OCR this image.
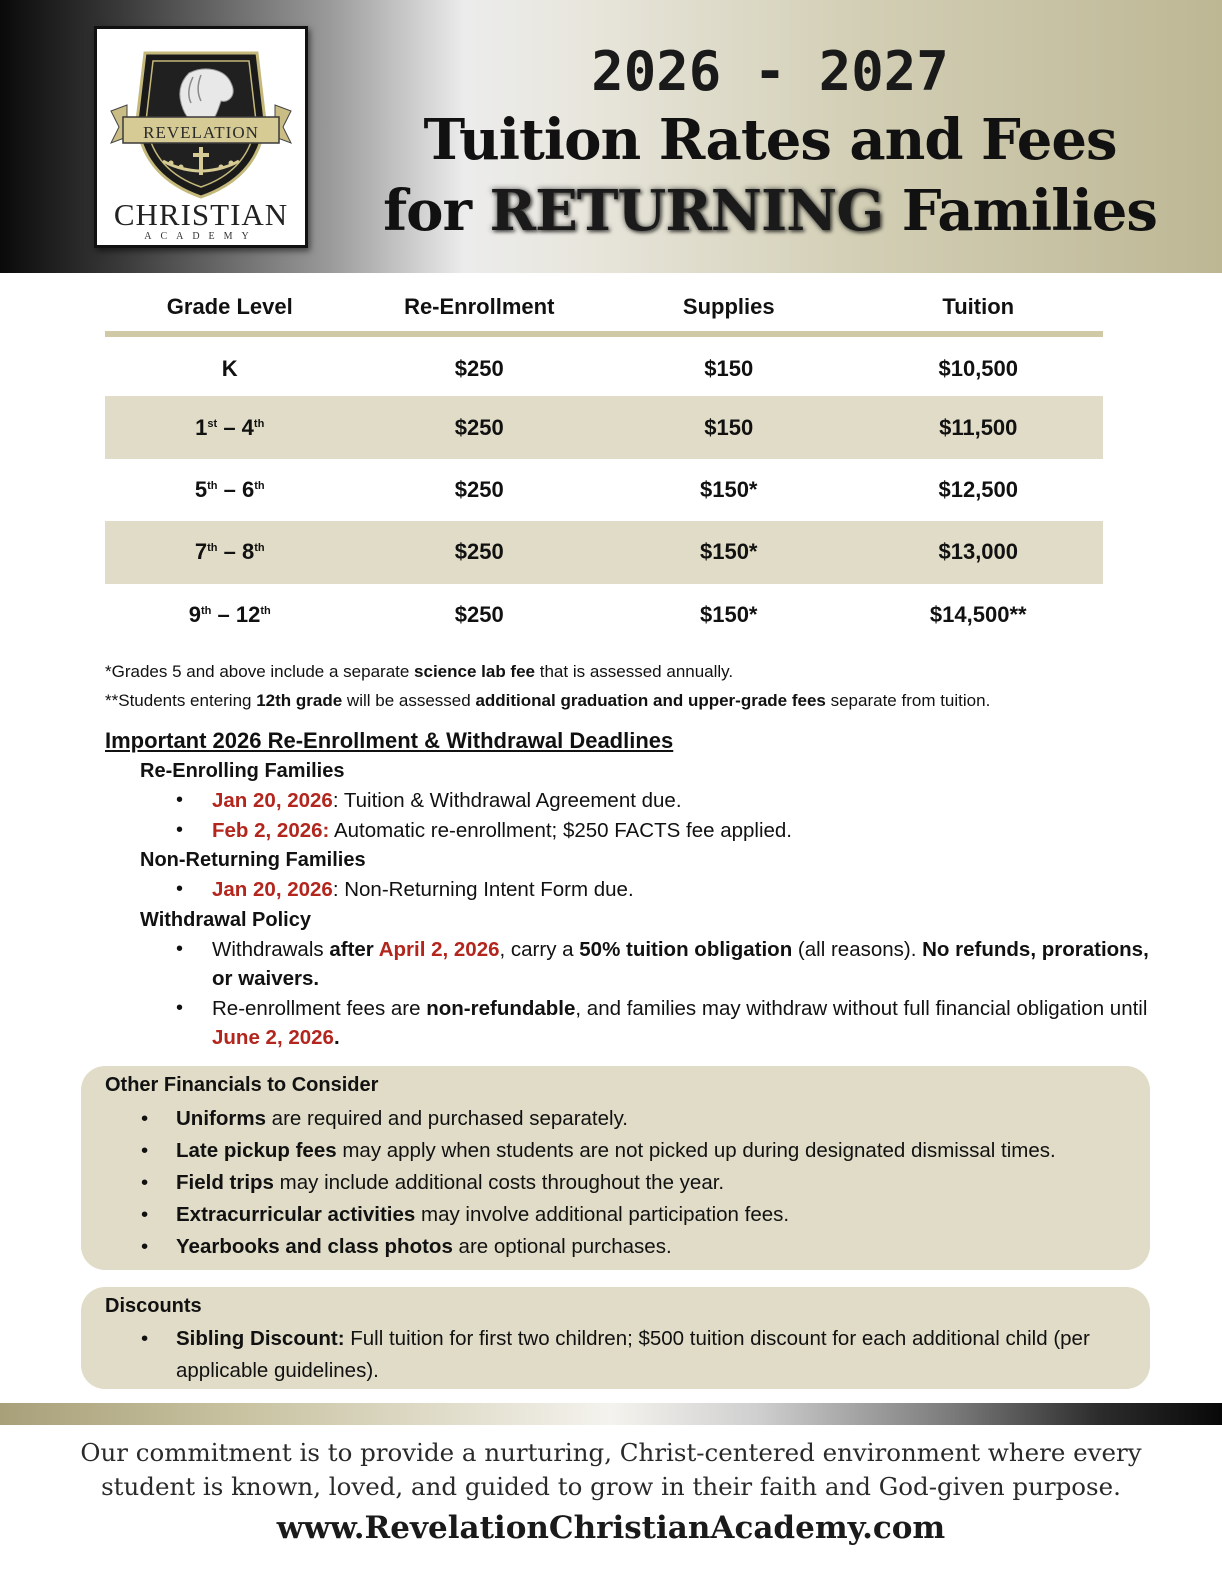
REVELATION
CHRISTIAN
ACADEMY
2026 - 2027
Tuition Rates and Fees
for RETURNING Families
Grade Level	Re-Enrollment	Supplies	Tuition
K	$250	$150	$10,500
1st – 4th	$250	$150	$11,500
5th – 6th	$250	$150*	$12,500
7th – 8th	$250	$150*	$13,000
9th – 12th	$250	$150*	$14,500**
*Grades 5 and above include a separate science lab fee that is assessed annually.
**Students entering 12th grade will be assessed additional graduation and upper-grade fees separate from tuition.
Important 2026 Re-Enrollment & Withdrawal Deadlines
Re-Enrolling Families
• Jan 20, 2026: Tuition & Withdrawal Agreement due.
• Feb 2, 2026: Automatic re-enrollment; $250 FACTS fee applied.
Non-Returning Families
• Jan 20, 2026: Non-Returning Intent Form due.
Withdrawal Policy
• Withdrawals after April 2, 2026, carry a 50% tuition obligation (all reasons). No refunds, prorations, or waivers.
• Re-enrollment fees are non-refundable, and families may withdraw without full financial obligation until June 2, 2026.
Other Financials to Consider
• Uniforms are required and purchased separately.
• Late pickup fees may apply when students are not picked up during designated dismissal times.
• Field trips may include additional costs throughout the year.
• Extracurricular activities may involve additional participation fees.
• Yearbooks and class photos are optional purchases.
Discounts
• Sibling Discount: Full tuition for first two children; $500 tuition discount for each additional child (per applicable guidelines).
Our commitment is to provide a nurturing, Christ-centered environment where every
student is known, loved, and guided to grow in their faith and God-given purpose.
www.RevelationChristianAcademy.com
